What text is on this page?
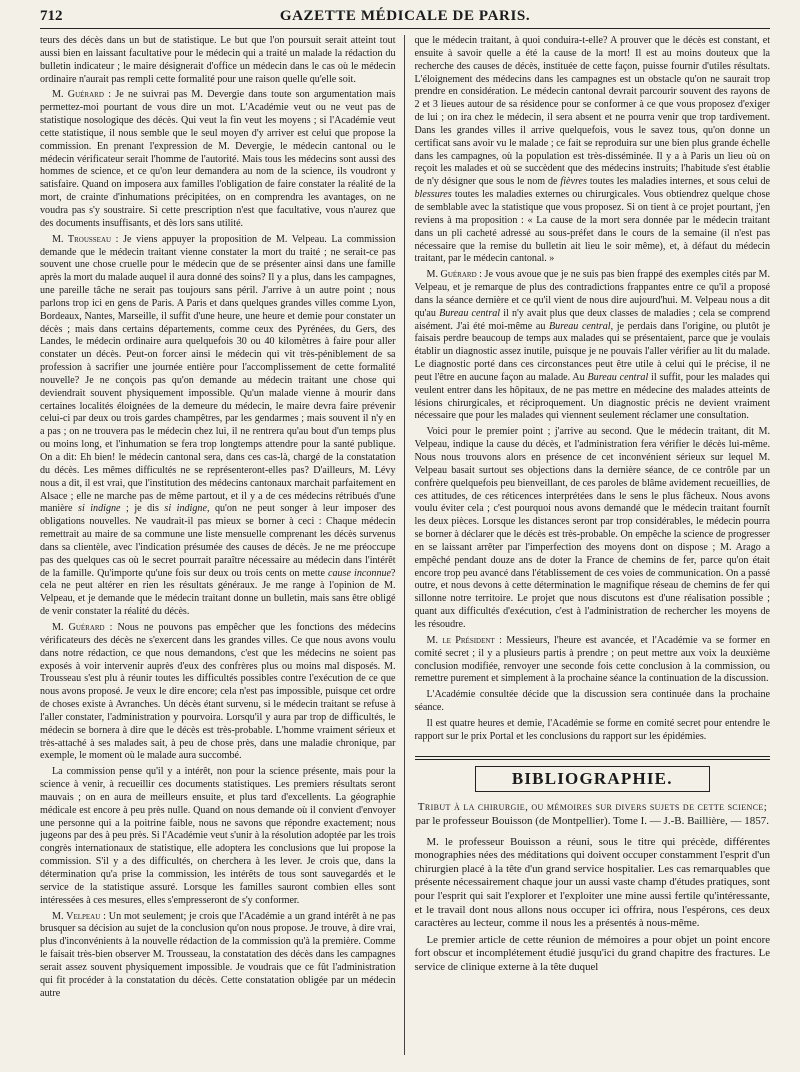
712	GAZETTE MÉDICALE DE PARIS.

teurs des décès dans un but de statistique. Le but que l'on poursuit serait atteint tout aussi bien en laissant facultative pour le médecin qui a traité un malade la rédaction du bulletin indicateur ; le maire désignerait d'office un médecin dans le cas où le médecin ordinaire n'aurait pas rempli cette formalité pour une raison quelle qu'elle soit.

M. Guérard : Je ne suivrai pas M. Devergie dans toute son argumentation mais permettez-moi pourtant de vous dire un mot. L'Académie veut ou ne veut pas de statistique nosologique des décès. Qui veut la fin veut les moyens ; si l'Académie veut cette statistique, il nous semble que le seul moyen d'y arriver est celui que propose la commission. En prenant l'expression de M. Devergie, le médecin cantonal ou le médecin vérificateur serait l'homme de l'autorité. Mais tous les médecins sont aussi des hommes de science, et ce qu'on leur demandera au nom de la science, ils voudront y satisfaire. Quand on imposera aux familles l'obligation de faire constater la réalité de la mort, de crainte d'inhumations précipitées, on en comprendra les avantages, on ne voudra pas s'y soustraire. Si cette prescription n'est que facultative, vous n'aurez que des documents insuffisants, et dès lors sans utilité.

M. Trousseau : Je viens appuyer la proposition de M. Velpeau. La commission demande que le médecin traitant vienne constater la mort du traité ; ne serait-ce pas souvent une chose cruelle pour le médecin que de se présenter ainsi dans une famille après la mort du malade auquel il aura donné des soins? Il y a plus, dans les campagnes, une pareille tâche ne serait pas toujours sans péril. J'arrive à un autre point ; nous parlons trop ici en gens de Paris. A Paris et dans quelques grandes villes comme Lyon, Bordeaux, Nantes, Marseille, il suffit d'une heure, une heure et demie pour constater un décès ; mais dans certains départements, comme ceux des Pyrénées, du Gers, des Landes, le médecin ordinaire aura quelquefois 30 ou 40 kilomètres à faire pour aller constater un décès. Peut-on forcer ainsi le médecin qui vit très-péniblement de sa profession à sacrifier une journée entière pour l'accomplissement de cette formalité nouvelle? Je ne conçois pas qu'on demande au médecin traitant une chose qui deviendrait souvent physiquement impossible. Qu'un malade vienne à mourir dans certaines localités éloignées de la demeure du médecin, le maire devra faire prévenir celui-ci par deux ou trois gardes champêtres, par les gendarmes ; mais souvent il n'y en a pas ; on ne trouvera pas le médecin chez lui, il ne rentrera qu'au bout d'un temps plus ou moins long, et l'inhumation se fera trop longtemps attendre pour la santé publique. On a dit: Eh bien! le médecin cantonal sera, dans ces cas-là, chargé de la constatation du décès. Les mêmes difficultés ne se représenteront-elles pas? D'ailleurs, M. Lévy nous a dit, il est vrai, que l'institution des médecins cantonaux marchait parfaitement en Alsace ; elle ne marche pas de même partout, et il y a de ces médecins rétribués d'une manière si indigne ; je dis si indigne, qu'on ne peut songer à leur imposer des obligations nouvelles. Ne vaudrait-il pas mieux se borner à ceci : Chaque médecin remettrait au maire de sa commune une liste mensuelle comprenant les décès survenus dans sa clientèle, avec l'indication présumée des causes de décès. Je ne me préoccupe pas des quelques cas où le secret pourrait paraître nécessaire au médecin dans l'intérêt de la famille. Qu'importe qu'une fois sur deux ou trois cents on mette cause inconnue? cela ne peut altérer en rien les résultats généraux. Je me range à l'opinion de M. Velpeau, et je demande que le médecin traitant donne un bulletin, mais sans être obligé de venir constater la réalité du décès.

M. Guérard : Nous ne pouvons pas empêcher que les fonctions des médecins vérificateurs des décès ne s'exercent dans les grandes villes. Ce que nous avons voulu dans notre rédaction, ce que nous demandons, c'est que les médecins ne soient pas exposés à voir intervenir auprès d'eux des confrères plus ou moins mal disposés. M. Trousseau s'est plu à réunir toutes les difficultés possibles contre l'exécution de ce que nous avons proposé. Je veux le dire encore; cela n'est pas impossible, puisque cet ordre de choses existe à Avranches. Un décès étant survenu, si le médecin traitant se refuse à l'aller constater, l'administration y pourvoira. Lorsqu'il y aura par trop de difficultés, le médecin se bornera à dire que le décès est très-probable. L'homme vraiment sérieux et très-attaché à ses malades sait, à peu de chose près, dans une maladie chronique, par exemple, le moment où le malade aura succombé.

La commission pense qu'il y a intérêt, non pour la science présente, mais pour la science à venir, à recueillir ces documents statistiques. Les premiers résultats seront mauvais ; on en aura de meilleurs ensuite, et plus tard d'excellents. La géographie médicale est encore à peu près nulle. Quand on nous demande où il convient d'envoyer une personne qui a la poitrine faible, nous ne savons que répondre exactement; nous jugeons par des à peu près. Si l'Académie veut s'unir à la résolution adoptée par les trois congrès internationaux de statistique, elle adoptera les conclusions que lui propose la commission. S'il y a des difficultés, on cherchera à les lever. Je crois que, dans la détermination qu'a prise la commission, les intérêts de tous sont sauvegardés et le service de la statistique assuré. Lorsque les familles sauront combien elles sont intéressées à ces mesures, elles s'empresseront de s'y conformer.

M. Velpeau : Un mot seulement; je crois que l'Académie a un grand intérêt à ne pas brusquer sa décision au sujet de la conclusion qu'on nous propose. Je trouve, à dire vrai, plus d'inconvénients à la nouvelle rédaction de la commission qu'à la première. Comme le faisait très-bien observer M. Trousseau, la constatation des décès dans les campagnes serait assez souvent physiquement impossible. Je voudrais que ce fût l'administration qui fit procéder à la constatation du décès. Cette constatation obligée par un médecin autre

que le médecin traitant, à quoi conduira-t-elle? A prouver que le décès est constant, et ensuite à savoir quelle a été la cause de la mort! Il est au moins douteux que la recherche des causes de décès, instituée de cette façon, puisse fournir d'utiles résultats. L'éloignement des médecins dans les campagnes est un obstacle qu'on ne saurait trop prendre en considération. Le médecin cantonal devrait parcourir souvent des rayons de 2 et 3 lieues autour de sa résidence pour se conformer à ce que vous proposez d'exiger de lui ; on ira chez le médecin, il sera absent et ne pourra venir que trop tardivement. Dans les grandes villes il arrive quelquefois, vous le savez tous, qu'on donne un certificat sans avoir vu le malade ; ce fait se reproduira sur une bien plus grande échelle dans les campagnes, où la population est très-disséminée. Il y a à Paris un lieu où on reçoit les malades et où se succèdent que des médecins instruits; l'habitude s'est établie de n'y désigner que sous le nom de fièvres toutes les maladies internes, et sous celui de blessures toutes les maladies externes ou chirurgicales. Vous obtiendrez quelque chose de semblable avec la statistique que vous proposez. Si on tient à ce projet pourtant, j'en reviens à ma proposition : « La cause de la mort sera donnée par le médecin traitant dans un pli cacheté adressé au sous-préfet dans le cours de la semaine (il n'est pas nécessaire que la remise du bulletin ait lieu le soir même), et, à défaut du médecin traitant, par le médecin cantonal. »

M. Guérard : Je vous avoue que je ne suis pas bien frappé des exemples cités par M. Velpeau, et je remarque de plus des contradictions frappantes entre ce qu'il a proposé dans la séance dernière et ce qu'il vient de nous dire aujourd'hui. M. Velpeau nous a dit qu'au Bureau central il n'y avait plus que deux classes de maladies ; cela se comprend aisément. J'ai été moi-même au Bureau central, je perdais dans l'origine, ou plutôt je faisais perdre beaucoup de temps aux malades qui se présentaient, parce que je voulais établir un diagnostic assez inutile, puisque je ne pouvais l'aller vérifier au lit du malade. Le diagnostic porté dans ces circonstances peut être utile à celui qui le précise, il ne peut l'être en aucune façon au malade. Au Bureau central il suffit, pour les malades qui veulent entrer dans les hôpitaux, de ne pas mettre en médecine des malades atteints de lésions chirurgicales, et réciproquement. Un diagnostic précis ne devient vraiment nécessaire que pour les malades qui viennent seulement réclamer une consultation.

Voici pour le premier point ; j'arrive au second. Que le médecin traitant, dit M. Velpeau, indique la cause du décès, et l'administration fera vérifier le décès lui-même. Nous nous trouvons alors en présence de cet inconvénient sérieux sur lequel M. Velpeau basait surtout ses objections dans la dernière séance, de ce contrôle par un confrère quelquefois peu bienveillant, de ces paroles de blâme avidement recueillies, de ces attitudes, de ces réticences interprétées dans le sens le plus fâcheux. Nous avons voulu éviter cela ; c'est pourquoi nous avons demandé que le médecin traitant fournît les deux pièces. Lorsque les distances seront par trop considérables, le médecin pourra se borner à déclarer que le décès est très-probable. On empêche la science de progresser en se laissant arrêter par l'imperfection des moyens dont on dispose ; M. Arago a empêché pendant douze ans de doter la France de chemins de fer, parce qu'on était encore trop peu avancé dans l'établissement de ces voies de communication. On a passé outre, et nous devons à cette détermination le magnifique réseau de chemins de fer qui sillonne notre territoire. Le projet que nous discutons est d'une réalisation possible ; quant aux difficultés d'exécution, c'est à l'administration de rechercher les moyens de les résoudre.

M. le Président : Messieurs, l'heure est avancée, et l'Académie va se former en comité secret ; il y a plusieurs partis à prendre ; on peut mettre aux voix la deuxième conclusion modifiée, renvoyer une seconde fois cette conclusion à la commission, ou remettre purement et simplement à la prochaine séance la continuation de la discussion.

L'Académie consultée décide que la discussion sera continuée dans la prochaine séance.

Il est quatre heures et demie, l'Académie se forme en comité secret pour entendre le rapport sur le prix Portal et les conclusions du rapport sur les épidémies.

BIBLIOGRAPHIE.
Tribut à la chirurgie, ou mémoires sur divers sujets de cette science; par le professeur Bouisson (de Montpellier). Tome I. — J.-B. Baillière, — 1857.

M. le professeur Bouisson a réuni, sous le titre qui précède, différentes monographies nées des méditations qui doivent occuper constamment l'esprit d'un chirurgien placé à la tête d'un grand service hospitalier. Les cas remarquables que présente nécessairement chaque jour un aussi vaste champ d'études pratiques, sont pour l'esprit qui sait l'explorer et l'exploiter une mine aussi fertile qu'intéressante, et le travail dont nous allons nous occuper ici offrira, nous l'espérons, ces deux caractères au lecteur, comme il nous les a présentés à nous-même.

Le premier article de cette réunion de mémoires a pour objet un point encore fort obscur et incomplétement étudié jusqu'ici du grand chapitre des fractures. Le service de clinique externe à la tête duquel
